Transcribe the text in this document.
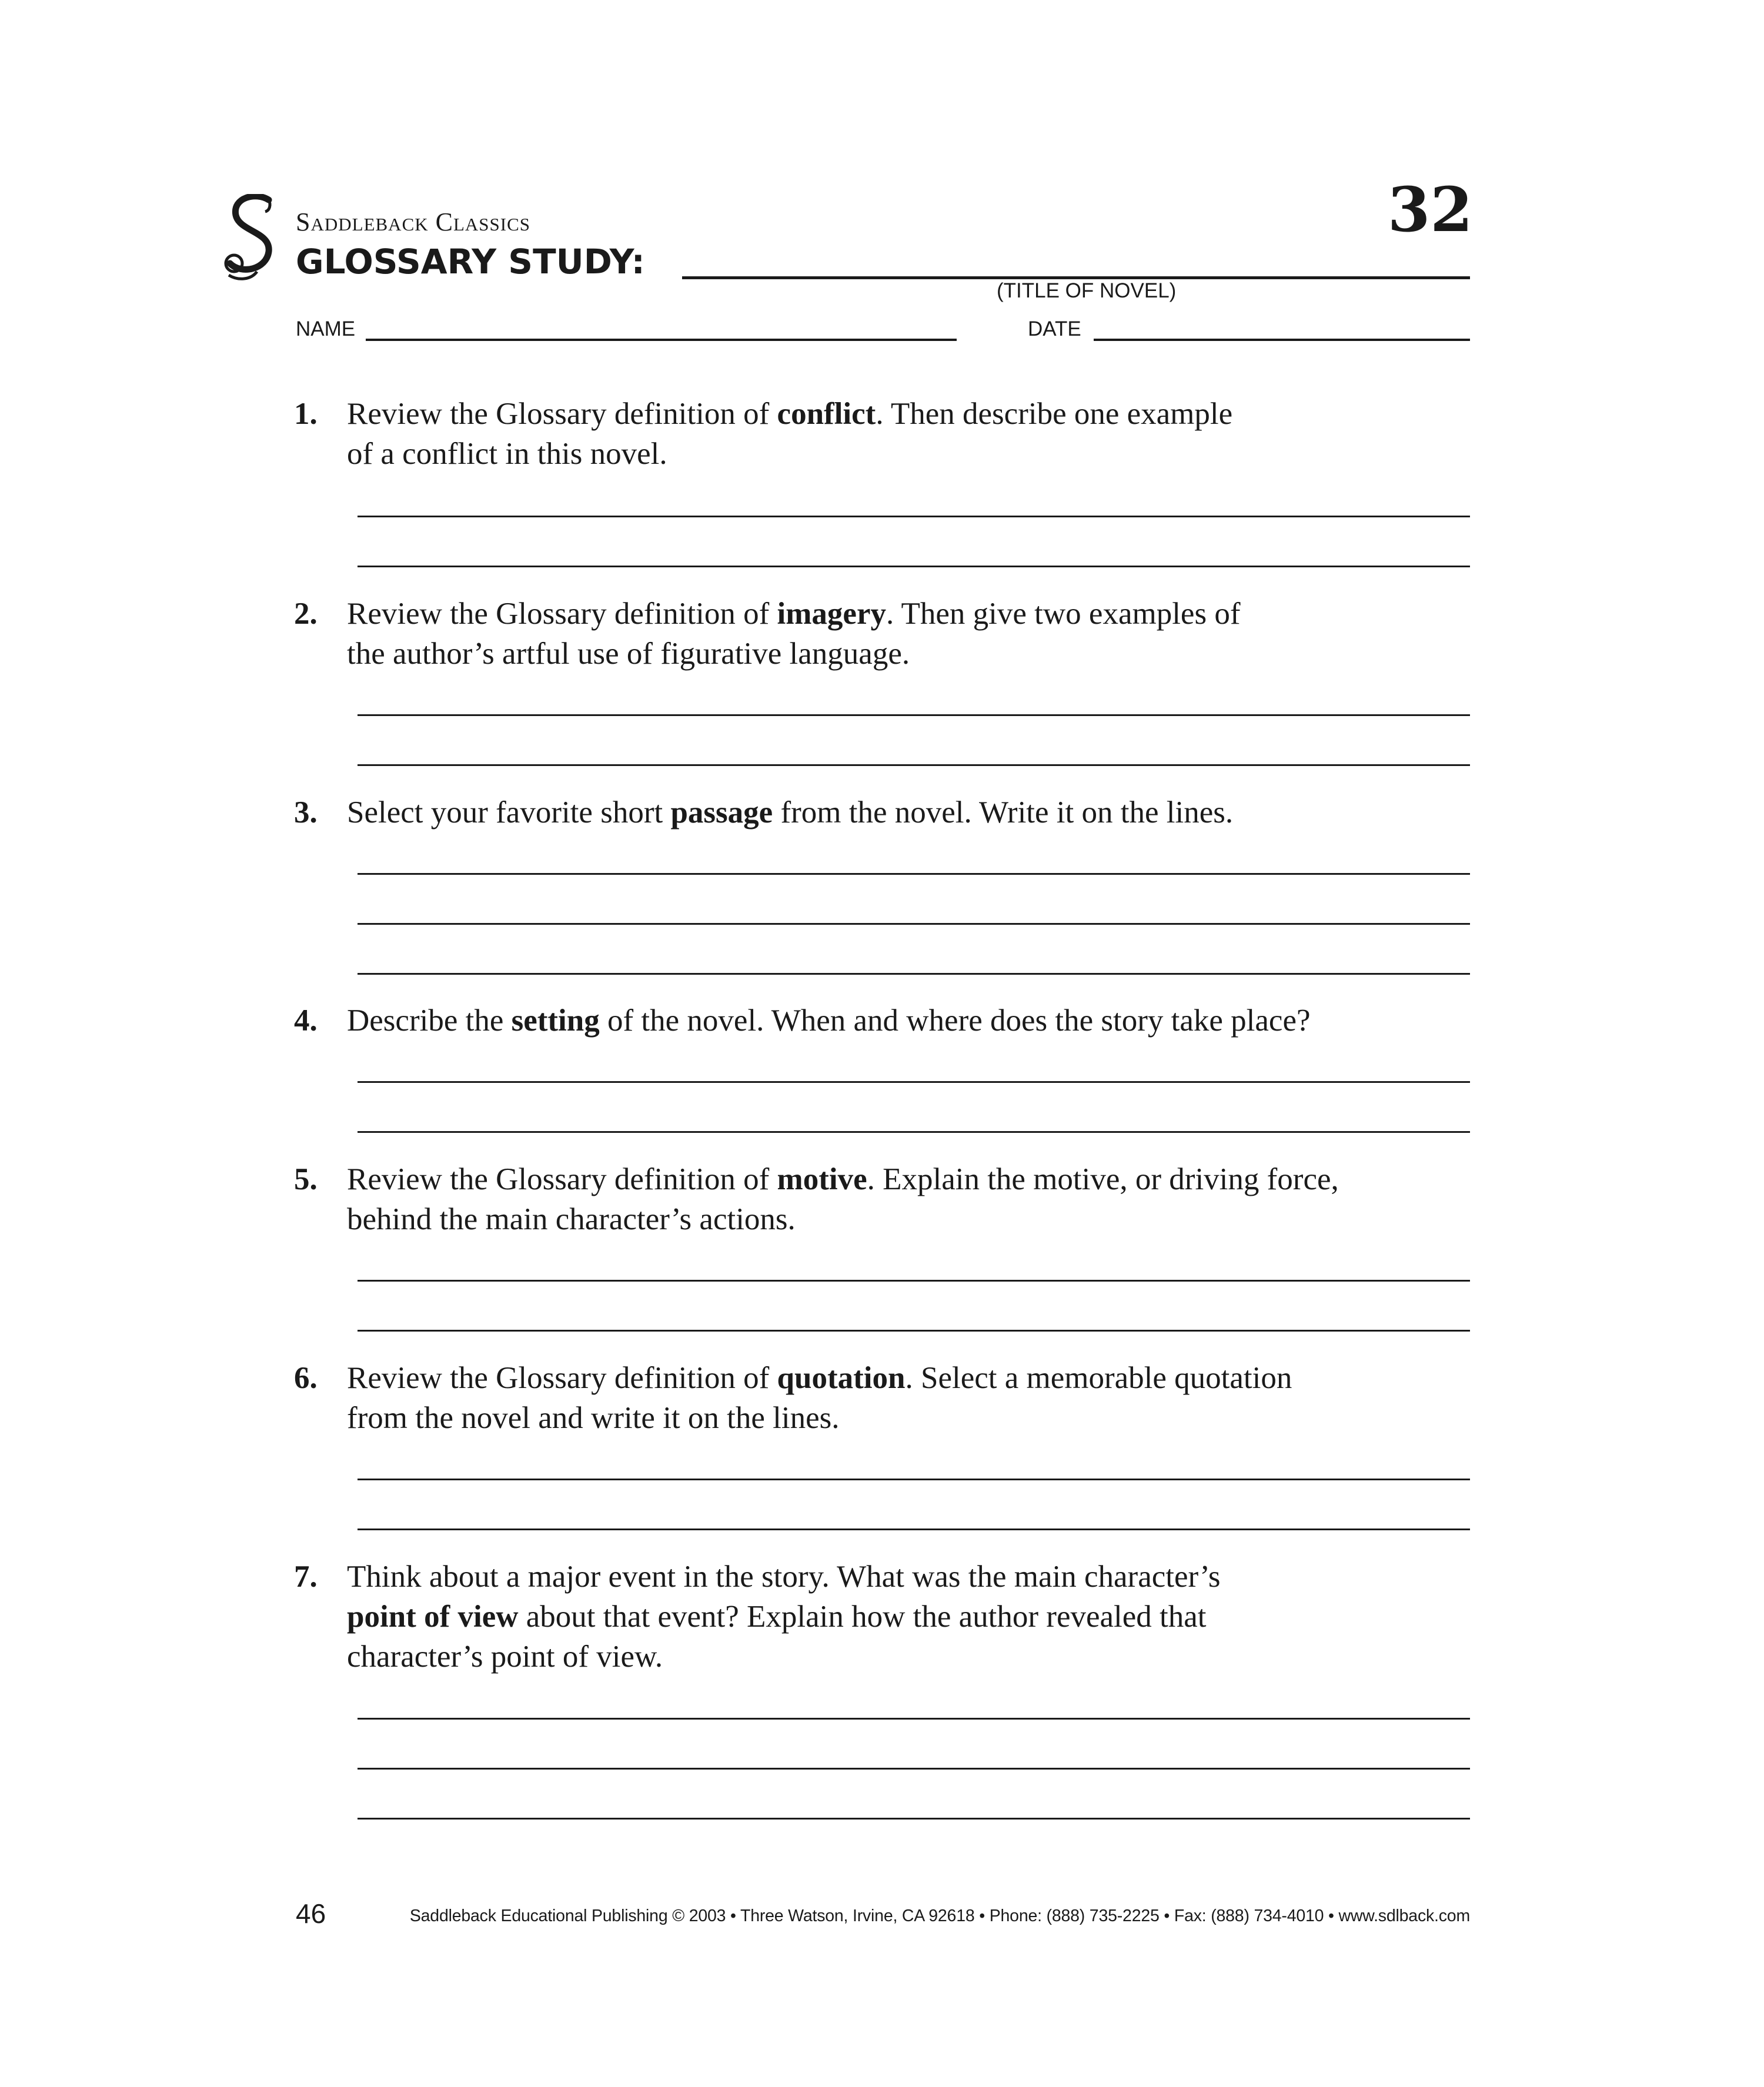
Saddleback Classics
GLOSSARY STUDY:
(TITLE OF NOVEL)
32
NAME	DATE
1. Review the Glossary definition of conflict. Then describe one example
of a conflict in this novel.
2. Review the Glossary definition of imagery. Then give two examples of
the author’s artful use of figurative language.
3. Select your favorite short passage from the novel. Write it on the lines.
4. Describe the setting of the novel. When and where does the story take place?
5. Review the Glossary definition of motive. Explain the motive, or driving force,
behind the main character’s actions.
6. Review the Glossary definition of quotation. Select a memorable quotation
from the novel and write it on the lines.
7. Think about a major event in the story. What was the main character’s
point of view about that event? Explain how the author revealed that
character’s point of view.
46	Saddleback Educational Publishing © 2003 • Three Watson, Irvine, CA 92618 • Phone: (888) 735-2225 • Fax: (888) 734-4010 • www.sdlback.com
